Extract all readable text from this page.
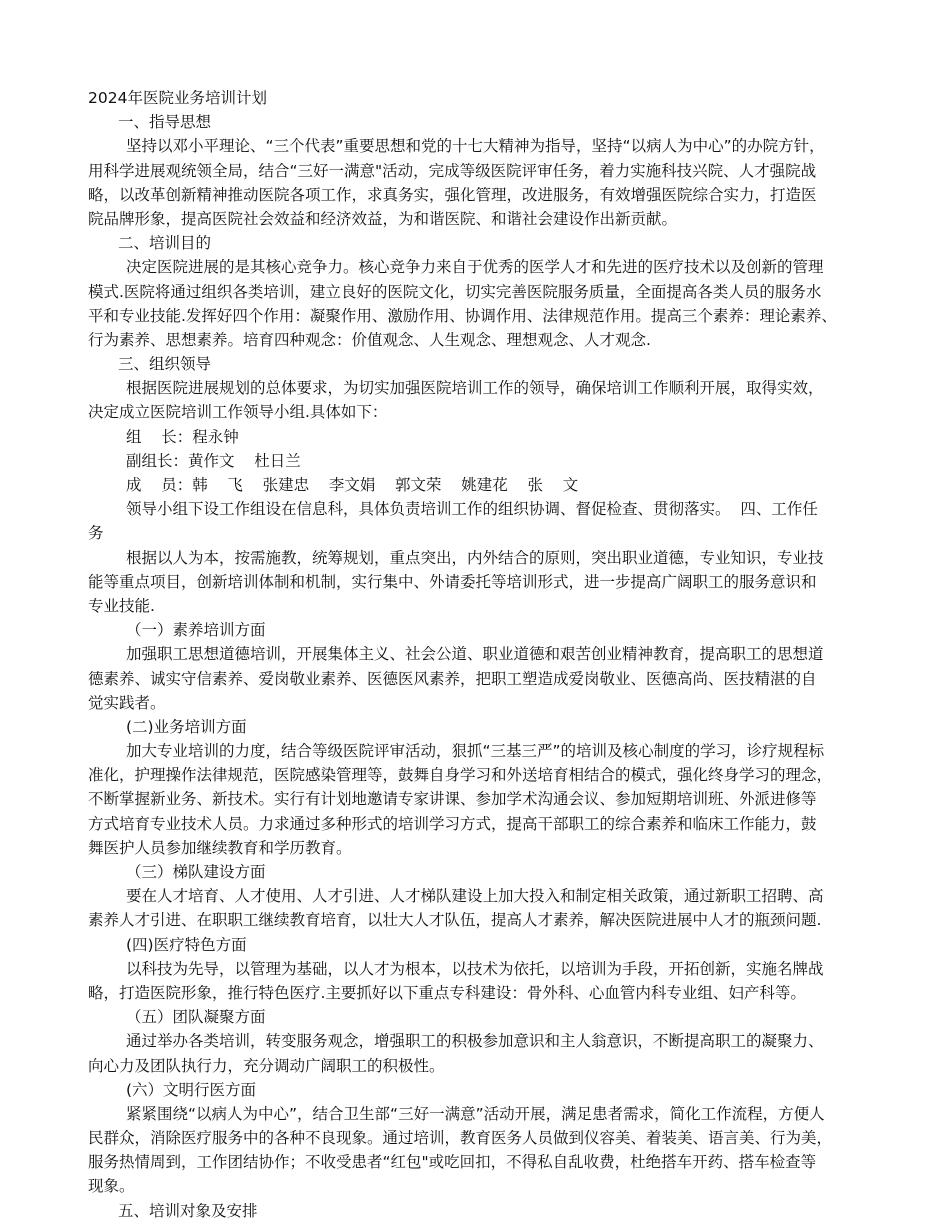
2024年医院业务培训计划
一、指导思想
坚持以邓小平理论、“三个代表”重要思想和党的十七大精神为指导，坚持“以病人为中心”的办院方针，
用科学进展观统领全局，结合“三好一满意"活动，完成等级医院评审任务，着力实施科技兴院、人才强院战
略，以改革创新精神推动医院各项工作，求真务实，强化管理，改进服务，有效增强医院综合实力，打造医
院品牌形象，提高医院社会效益和经济效益，为和谐医院、和谐社会建设作出新贡献。
二、培训目的
决定医院进展的是其核心竞争力。核心竞争力来自于优秀的医学人才和先进的医疗技术以及创新的管理
模式.医院将通过组织各类培训，建立良好的医院文化，切实完善医院服务质量，全面提高各类人员的服务水
平和专业技能.发挥好四个作用：凝聚作用、激励作用、协调作用、法律规范作用。提高三个素养：理论素养、
行为素养、思想素养。培育四种观念：价值观念、人生观念、理想观念、人才观念.
三、组织领导
根据医院进展规划的总体要求，为切实加强医院培训工作的领导，确保培训工作顺利开展，取得实效，
决定成立医院培训工作领导小组.具体如下：
组    长：程永钟
副组长：黄作文    杜日兰
成    员：韩    飞    张建忠    李文娟    郭文荣    姚建花    张    文
领导小组下设工作组设在信息科，具体负责培训工作的组织协调、督促检查、贯彻落实。  四、工作任
务
根据以人为本，按需施教，统筹规划，重点突出，内外结合的原则，突出职业道德，专业知识，专业技
能等重点项目，创新培训体制和机制，实行集中、外请委托等培训形式，进一步提高广阔职工的服务意识和
专业技能.
（一）素养培训方面
加强职工思想道德培训，开展集体主义、社会公道、职业道德和艰苦创业精神教育，提高职工的思想道
德素养、诚实守信素养、爱岗敬业素养、医德医风素养，把职工塑造成爱岗敬业、医德高尚、医技精湛的自
觉实践者。
(二)业务培训方面
加大专业培训的力度，结合等级医院评审活动，狠抓“三基三严”的培训及核心制度的学习，诊疗规程标
准化，护理操作法律规范，医院感染管理等，鼓舞自身学习和外送培育相结合的模式，强化终身学习的理念，
不断掌握新业务、新技术。实行有计划地邀请专家讲课、参加学术沟通会议、参加短期培训班、外派进修等
方式培育专业技术人员。力求通过多种形式的培训学习方式，提高干部职工的综合素养和临床工作能力，鼓
舞医护人员参加继续教育和学历教育。
（三）梯队建设方面
要在人才培育、人才使用、人才引进、人才梯队建设上加大投入和制定相关政策，通过新职工招聘、高
素养人才引进、在职职工继续教育培育，以壮大人才队伍，提高人才素养，解决医院进展中人才的瓶颈问题.
(四)医疗特色方面
以科技为先导，以管理为基础，以人才为根本，以技术为依托，以培训为手段，开拓创新，实施名牌战
略，打造医院形象，推行特色医疗.主要抓好以下重点专科建设：骨外科、心血管内科专业组、妇产科等。
（五）团队凝聚方面
通过举办各类培训，转变服务观念，增强职工的积极参加意识和主人翁意识，不断提高职工的凝聚力、
向心力及团队执行力，充分调动广阔职工的积极性。
(六）文明行医方面
紧紧围绕“以病人为中心”，结合卫生部“三好一满意”活动开展，满足患者需求，简化工作流程，方便人
民群众，消除医疗服务中的各种不良现象。通过培训，教育医务人员做到仪容美、着装美、语言美、行为美，
服务热情周到，工作团结协作；不收受患者“红包"或吃回扣，不得私自乱收费，杜绝搭车开药、搭车检查等
现象。
五、培训对象及安排
